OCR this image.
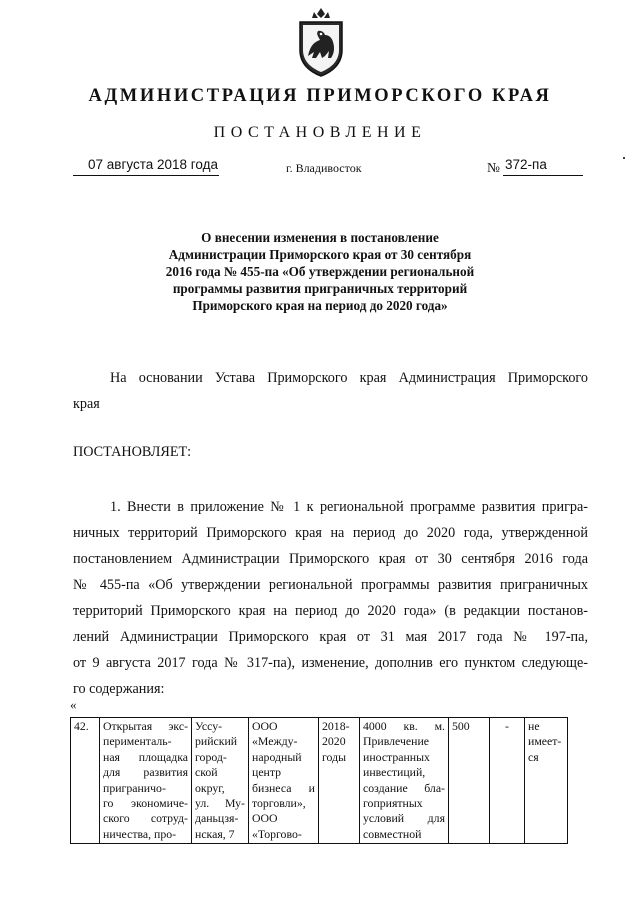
АДМИНИСТРАЦИЯ ПРИМОРСКОГО КРАЯ
ПОСТАНОВЛЕНИЕ
07 августа 2018 года	г. Владивосток	№ 372-па
О внесении изменения в постановление
Администрации Приморского края от 30 сентября
2016 года № 455-па «Об утверждении региональной
программы развития приграничных территорий
Приморского края на период до 2020 года»
На основании Устава Приморского края Администрация Приморского
края
ПОСТАНОВЛЯЕТ:
1. Внести в приложение № 1 к региональной программе развития пригра-
ничных территорий Приморского края на период до 2020 года, утвержденной
постановлением Администрации Приморского края от 30 сентября 2016 года
№ 455-па «Об утверждении региональной программы развития приграничных
территорий Приморского края на период до 2020 года» (в редакции постанов-
лений Администрации Приморского края от 31 мая 2017 года № 197-па,
от 9 августа 2017 года № 317-па), изменение, дополнив его пунктом следующе-
го содержания:
«
42.	Открытая экс-
перименталь-
ная площадка
для развития
приграничо-
го экономиче-
ского сотруд-
ничества, про-

Уссу-
рийский
город-
ской
округ,
ул. Му-
даньцзя-
нская, 7

ООО
«Между-
народный
центр
бизнеса и
торговли»,
ООО
«Торгово-

2018-
2020
годы

4000 кв. м.
Привлечение
иностранных
инвестиций,
создание бла-
гоприятных
условий для
совместной

500	-	не
имеет-
ся
